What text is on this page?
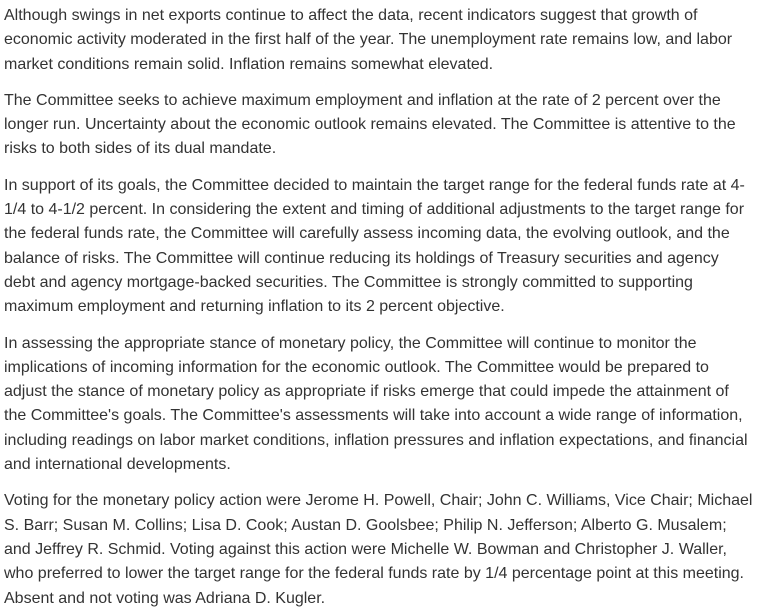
Although swings in net exports continue to affect the data, recent indicators suggest that growth of economic activity moderated in the first half of the year. The unemployment rate remains low, and labor market conditions remain solid. Inflation remains somewhat elevated.

The Committee seeks to achieve maximum employment and inflation at the rate of 2 percent over the longer run. Uncertainty about the economic outlook remains elevated. The Committee is attentive to the risks to both sides of its dual mandate.

In support of its goals, the Committee decided to maintain the target range for the federal funds rate at 4-1/4 to 4-1/2 percent. In considering the extent and timing of additional adjustments to the target range for the federal funds rate, the Committee will carefully assess incoming data, the evolving outlook, and the balance of risks. The Committee will continue reducing its holdings of Treasury securities and agency debt and agency mortgage-backed securities. The Committee is strongly committed to supporting maximum employment and returning inflation to its 2 percent objective.

In assessing the appropriate stance of monetary policy, the Committee will continue to monitor the implications of incoming information for the economic outlook. The Committee would be prepared to adjust the stance of monetary policy as appropriate if risks emerge that could impede the attainment of the Committee's goals. The Committee's assessments will take into account a wide range of information, including readings on labor market conditions, inflation pressures and inflation expectations, and financial and international developments.

Voting for the monetary policy action were Jerome H. Powell, Chair; John C. Williams, Vice Chair; Michael S. Barr; Susan M. Collins; Lisa D. Cook; Austan D. Goolsbee; Philip N. Jefferson; Alberto G. Musalem; and Jeffrey R. Schmid. Voting against this action were Michelle W. Bowman and Christopher J. Waller, who preferred to lower the target range for the federal funds rate by 1/4 percentage point at this meeting. Absent and not voting was Adriana D. Kugler.
